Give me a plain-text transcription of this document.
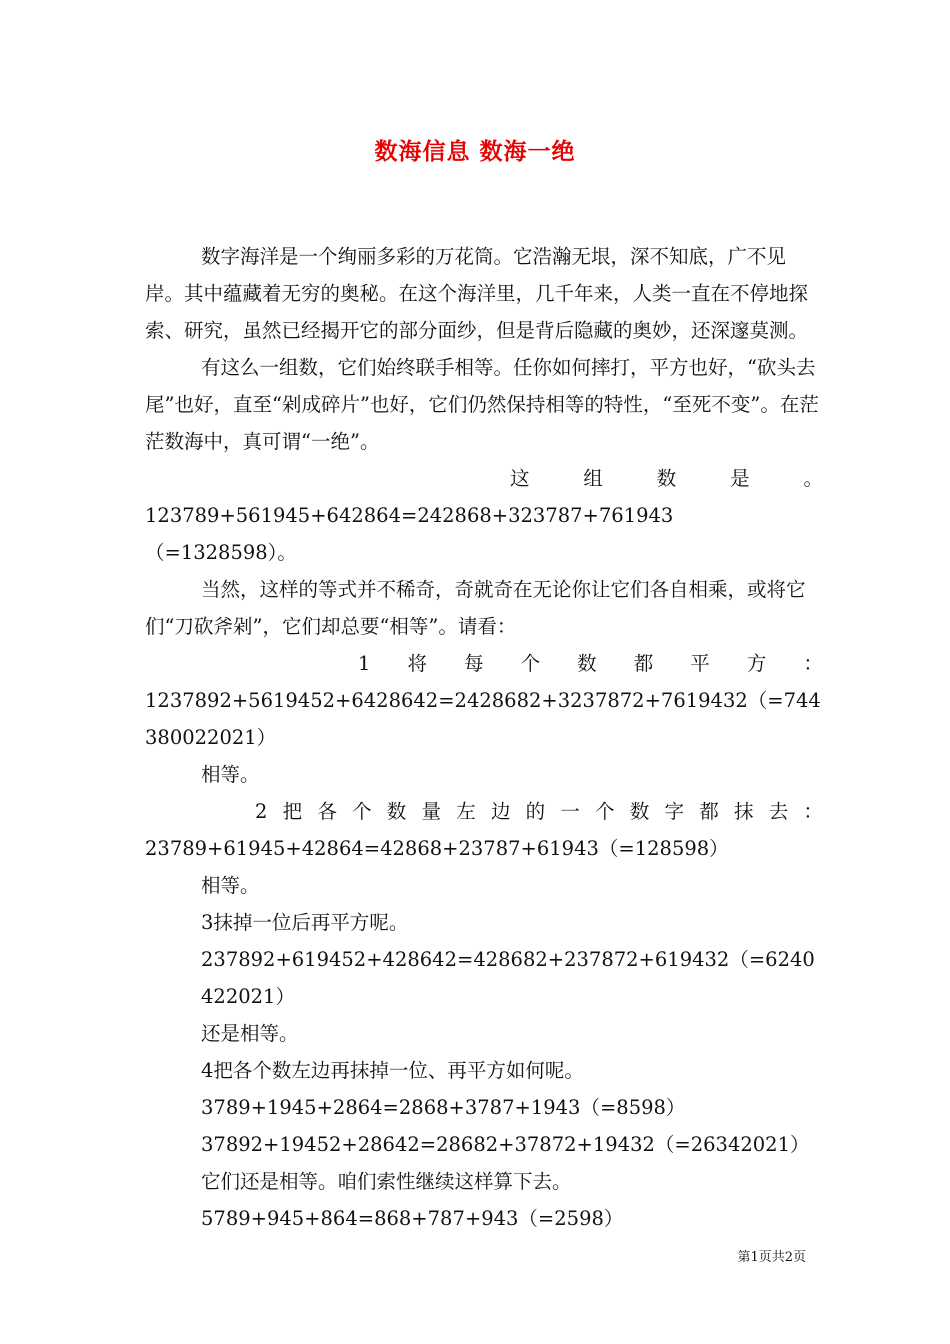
数海信息 数海一绝

数字海洋是一个绚丽多彩的万花筒。它浩瀚无垠，深不知底，广不见岸。其中蕴藏着无穷的奥秘。在这个海洋里，几千年来，人类一直在不停地探索、研究，虽然已经揭开它的部分面纱，但是背后隐藏的奥妙，还深邃莫测。

有这么一组数，它们始终联手相等。任你如何摔打，平方也好，“砍头去尾”也好，直至“剁成碎片”也好，它们仍然保持相等的特性，“至死不变”。在茫茫数海中，真可谓“一绝”。

这	组	数	是	。

123789+561945+642864=242868+323787+761943（=1328598）。

当然，这样的等式并不稀奇，奇就奇在无论你让它们各自相乘，或将它们“刀砍斧剁”，它们却总要“相等”。请看：

1 将 每 个 数 都 平 方 ：

1237892+5619452+6428642=2428682+3237872+7619432（=744380022021）

相等。

2 把 各 个 数 量 左 边 的 一 个 数 字 都 抹 去 ：

23789+61945+42864=42868+23787+61943（=128598）

相等。

3抹掉一位后再平方呢。

237892+619452+428642=428682+237872+619432（=6240422021）

还是相等。

4把各个数左边再抹掉一位、再平方如何呢。

3789+1945+2864=2868+3787+1943（=8598）

37892+19452+28642=28682+37872+19432（=26342021）

它们还是相等。咱们索性继续这样算下去。

5789+945+864=868+787+943（=2598）

第1页共2页
